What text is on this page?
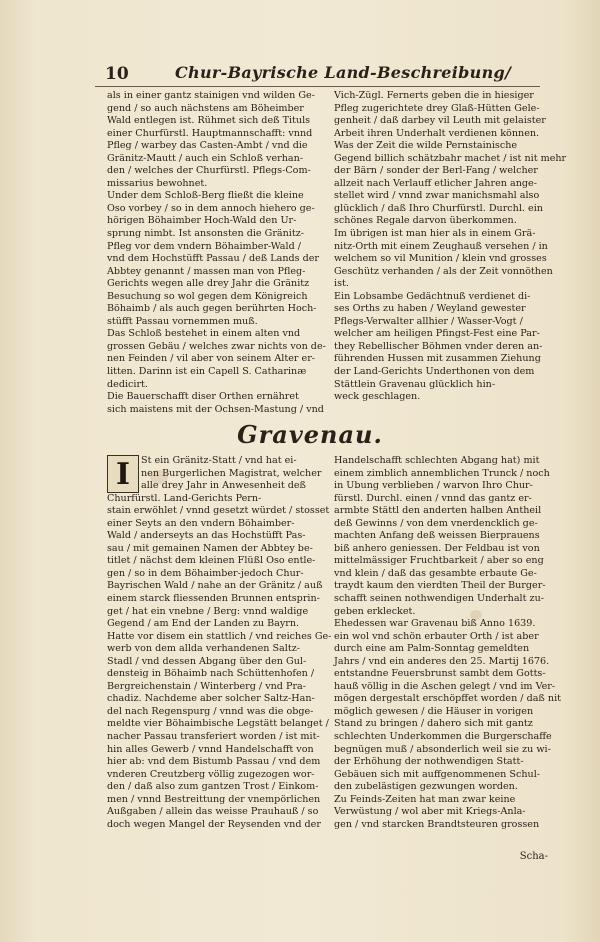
10	Chur-Bayrische Land-Beschreibung/
als in einer gantz stainigen vnd wilden Ge-
gend / so auch nächstens am Böheimber
Wald entlegen ist. Rühmet sich deß Tituls
einer Churfürstl. Hauptmannschafft: vnnd
Pfleg / warbey das Casten-Ambt / vnd die
Gränitz-Mautt / auch ein Schloß verhan-
den / welches der Churfürstl. Pflegs-Com-
missarius bewohnet.
Under dem Schloß-Berg fließt die kleine
Oso vorbey / so in dem annoch hiehero ge-
hörigen Böhaimber Hoch-Wald den Ur-
sprung nimbt. Ist ansonsten die Gränitz-
Pfleg vor dem vndern Böhaimber-Wald /
vnd dem Hochstüfft Passau / deß Lands der
Abbtey genannt / massen man von Pfleg-
Gerichts wegen alle drey Jahr die Gränitz
Besuchung so wol gegen dem Königreich
Böhaimb / als auch gegen berührten Hoch-
stüfft Passau vornemmen muß.
Das Schloß bestehet in einem alten vnd
grossen Gebäu / welches zwar nichts von de-
nen Feinden / vil aber von seinem Alter er-
litten. Darinn ist ein Capell S. Catharinæ
dedicirt.
Die Bauerschafft diser Orthen ernähret
sich maistens mit der Ochsen-Mastung / vnd
Vich-Zügl. Fernerts geben die in hiesiger
Pfleg zugerichtete drey Glaß-Hütten Gele-
genheit / daß darbey vil Leuth mit gelaister
Arbeit ihren Underhalt verdienen können.
Was der Zeit die wilde Pernstainische
Gegend billich schätzbahr machet / ist nit mehr
der Bärn / sonder der Berl-Fang / welcher
allzeit nach Verlauff etlicher Jahren ange-
stellet wird / vnnd zwar manichsmahl also
glücklich / daß Ihro Churfürstl. Durchl. ein
schönes Regale darvon überkommen.
Im übrigen ist man hier als in einem Grä-
nitz-Orth mit einem Zeughauß versehen / in
welchem so vil Munition / klein vnd grosses
Geschütz verhanden / als der Zeit vonnöthen
ist.
Ein Lobsambe Gedächtnuß verdienet di-
ses Orths zu haben / Weyland gewester
Pflegs-Verwalter allhier / Wasser-Vogt /
welcher am heiligen Pfingst-Fest eine Par-
they Rebellischer Böhmen vnder deren an-
führenden Hussen mit zusammen Ziehung
der Land-Gerichts Underthonen von dem
Stättlein Gravenau glücklich hin-
weck geschlagen.
Gravenau.
I	St ein Gränitz-Statt / vnd hat ei-
nen Burgerlichen Magistrat, welcher
alle drey Jahr in Anwesenheit deß
Churfürstl. Land-Gerichts Pern-
stain erwöhlet / vnnd gesetzt würdet / stosset
einer Seyts an den vndern Böhaimber-
Wald / anderseyts an das Hochstüfft Pas-
sau / mit gemainen Namen der Abbtey be-
titlet / nächst dem kleinen Flüßl Oso entle-
gen / so in dem Böhaimber-jedoch Chur-
Bayrischen Wald / nahe an der Gränitz / auß
einem starck fliessenden Brunnen entsprin-
get / hat ein vnebne / Berg: vnnd waldige
Gegend / am End der Landen zu Bayrn.
Hatte vor disem ein stattlich / vnd reiches Ge-
werb von dem allda verhandenen Saltz-
Stadl / vnd dessen Abgang über den Gul-
densteig in Böhaimb nach Schüttenhofen /
Bergreichenstain / Winterberg / vnd Pra-
chadiz. Nachdeme aber solcher Saltz-Han-
del nach Regenspurg / vnnd was die obge-
meldte vier Böhaimbische Legstätt belanget /
nacher Passau transferiert worden / ist mit-
hin alles Gewerb / vnnd Handelschafft von
hier ab: vnd dem Bistumb Passau / vnd dem
vnderen Creutzberg völlig zugezogen wor-
den / daß also zum gantzen Trost / Einkom-
men / vnnd Bestreittung der vnempörlichen
Außgaben / allein das weisse Prauhauß / so
doch wegen Mangel der Reysenden vnd der
Handelschafft schlechten Abgang hat) mit
einem zimblich annemblichen Trunck / noch
in Ubung verblieben / warvon Ihro Chur-
fürstl. Durchl. einen / vnnd das gantz er-
armbte Stättl den anderten halben Antheil
deß Gewinns / von dem vnerdencklich ge-
machten Anfang deß weissen Bierprauens
biß anhero geniessen. Der Feldbau ist von
mittelmässiger Fruchtbarkeit / aber so eng
vnd klein / daß das gesambte erbaute Ge-
traydt kaum den vierdten Theil der Burger-
schafft seinen nothwendigen Underhalt zu-
geben erklecket.
Ehedessen war Gravenau biß Anno 1639.
ein wol vnd schön erbauter Orth / ist aber
durch eine am Palm-Sonntag gemeldten
Jahrs / vnd ein anderes den 25. Martij 1676.
entstandne Feuersbrunst sambt dem Gotts-
hauß völlig in die Aschen gelegt / vnd im Ver-
mögen dergestalt erschöpffet worden / daß nit
möglich gewesen / die Häuser in vorigen
Stand zu bringen / dahero sich mit gantz
schlechten Underkommen die Burgerschaffe
begnügen muß / absonderlich weil sie zu wi-
der Erhöhung der nothwendigen Statt-
Gebäuen sich mit auffgenommenen Schul-
den zubelästigen gezwungen worden.
Zu Feinds-Zeiten hat man zwar keine
Verwüstung / wol aber mit Kriegs-Anla-
gen / vnd starcken Brandtsteuren grossen
Scha-
